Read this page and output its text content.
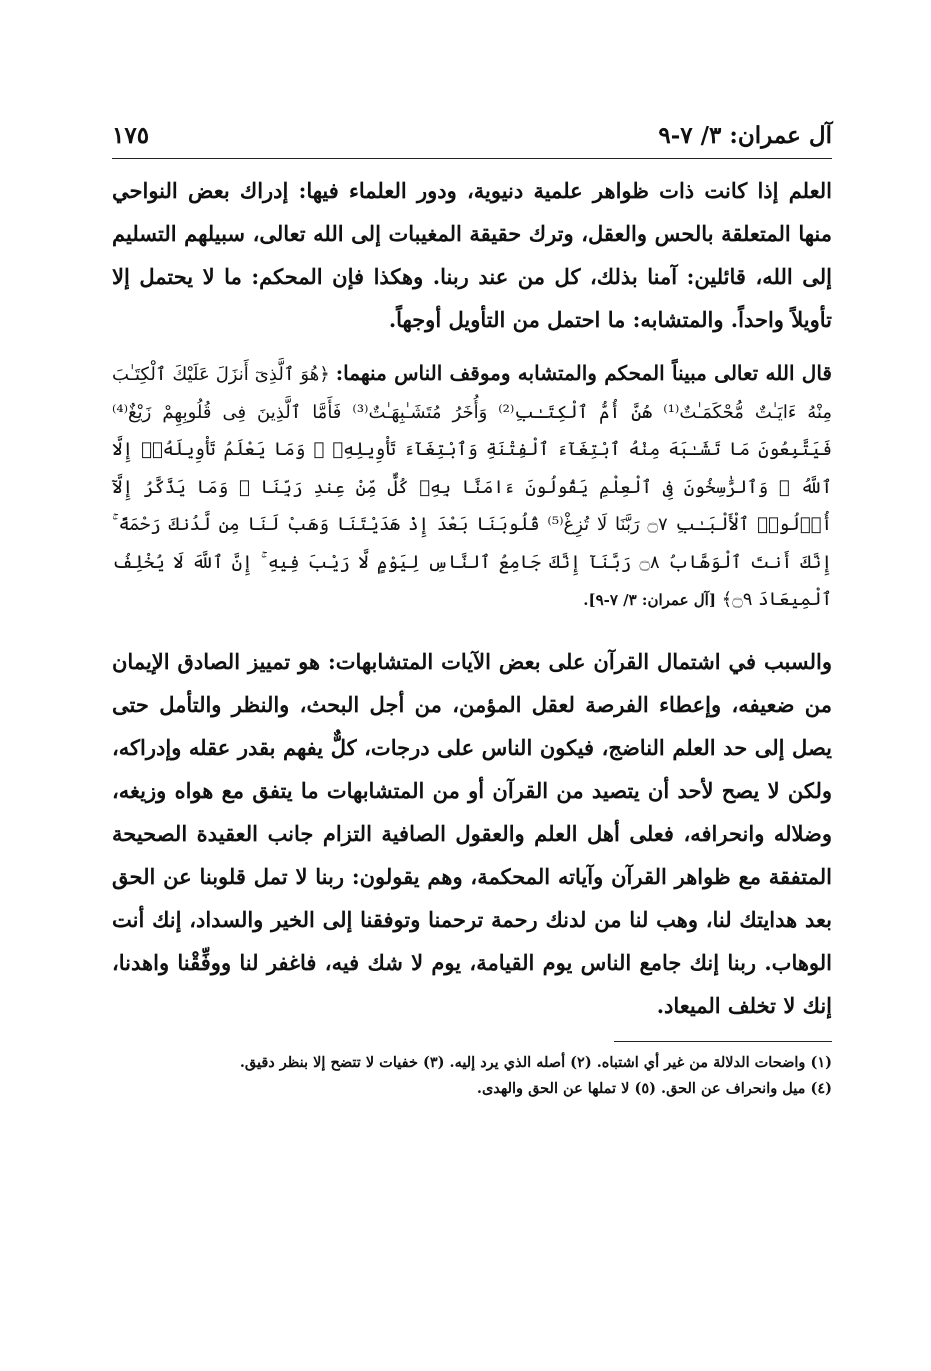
آل عمران: ٣/ ٧-٩
١٧٥

العلم إذا كانت ذات ظواهر علمية دنيوية، ودور العلماء فيها: إدراك بعض النواحي منها المتعلقة بالحس والعقل، وترك حقيقة المغيبات إلى الله تعالى، سبيلهم التسليم إلى الله، قائلين: آمنا بذلك، كل من عند ربنا. وهكذا فإن المحكم: ما لا يحتمل إلا تأويلاً واحداً. والمتشابه: ما احتمل من التأويل أوجهاً.

قال الله تعالى مبيناً المحكم والمتشابه وموقف الناس منهما: ﴿هُوَ ٱلَّذِىٓ أَنزَلَ عَلَيْكَ ٱلْكِتَـٰبَ مِنْهُ ءَايَـٰتٌ مُّحْكَمَـٰتٌ⁽¹⁾ هُنَّ أُمُّ ٱلْكِتَـٰبِ⁽²⁾ وَأُخَرُ مُتَشَـٰبِهَـٰتٌ⁽³⁾ فَأَمَّا ٱلَّذِينَ فِى قُلُوبِهِمْ زَيْغٌ⁽⁴⁾ فَيَتَّبِعُونَ مَا تَشَـٰبَهَ مِنْهُ ٱبْتِغَآءَ ٱلْفِتْنَةِ وَٱبْتِغَآءَ تَأْوِيلِهِۦ ۗ وَمَا يَعْلَمُ تَأْوِيلَهُۥٓ إِلَّا ٱللَّهُ ۗ وَٱلرَّٰسِخُونَ فِى ٱلْعِلْمِ يَقُولُونَ ءَامَنَّا بِهِۦ كُلٌّ مِّنْ عِندِ رَبِّنَا ۗ وَمَا يَذَّكَّرُ إِلَّآ أُو۟لُوا۟ ٱلْأَلْبَـٰبِ ۝٧ رَبَّنَا لَا تُزِغْ⁽⁵⁾ قُلُوبَنَا بَعْدَ إِذْ هَدَيْتَنَا وَهَبْ لَنَا مِن لَّدُنكَ رَحْمَةً ۚ إِنَّكَ أَنتَ ٱلْوَهَّابُ ۝٨ رَبَّنَآ إِنَّكَ جَامِعُ ٱلنَّاسِ لِيَوْمٍ لَّا رَيْبَ فِيهِ ۚ إِنَّ ٱللَّهَ لَا يُخْلِفُ ٱلْمِيعَادَ ۝٩﴾ [آل عمران: ٣/ ٧-٩].

والسبب في اشتمال القرآن على بعض الآيات المتشابهات: هو تمييز الصادق الإيمان من ضعيفه، وإعطاء الفرصة لعقل المؤمن، من أجل البحث، والنظر والتأمل حتى يصل إلى حد العلم الناضج، فيكون الناس على درجات، كلٌّ يفهم بقدر عقله وإدراكه، ولكن لا يصح لأحد أن يتصيد من القرآن أو من المتشابهات ما يتفق مع هواه وزيغه، وضلاله وانحرافه، فعلى أهل العلم والعقول الصافية التزام جانب العقيدة الصحيحة المتفقة مع ظواهر القرآن وآياته المحكمة، وهم يقولون: ربنا لا تمل قلوبنا عن الحق بعد هدايتك لنا، وهب لنا من لدنك رحمة ترحمنا وتوفقنا إلى الخير والسداد، إنك أنت الوهاب. ربنا إنك جامع الناس يوم القيامة، يوم لا شك فيه، فاغفر لنا ووفِّقْنا واهدنا، إنك لا تخلف الميعاد.

(١) واضحات الدلالة من غير أي اشتباه. (٢) أصله الذي يرد إليه. (٣) خفيات لا تتضح إلا بنظر دقيق.

(٤) ميل وانحراف عن الحق. (٥) لا تملها عن الحق والهدى.
